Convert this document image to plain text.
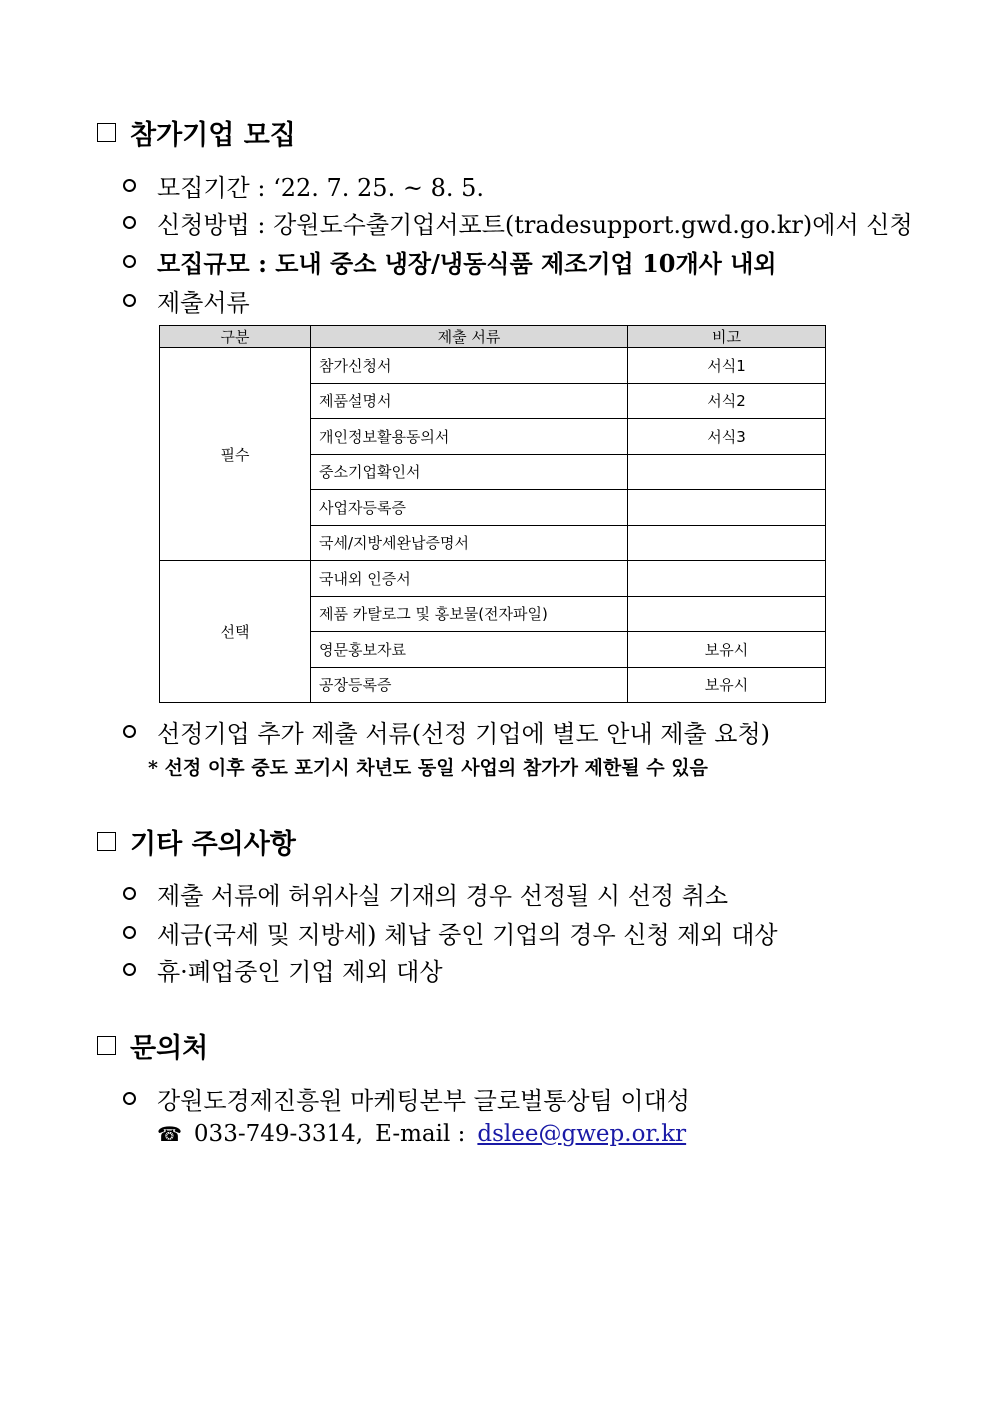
참가기업 모집
모집기간 : ‘22. 7. 25. ~ 8. 5.
신청방법 : 강원도수출기업서포트(tradesupport.gwd.go.kr)에서 신청
모집규모 : 도내 중소 냉장/냉동식품 제조기업 10개사 내외
제출서류
구분	제출 서류	비고
필수	참가신청서	서식1
	제품설명서	서식2
	개인정보활용동의서	서식3
	중소기업확인서	
	사업자등록증	
	국세/지방세완납증명서	
선택	국내외 인증서	
	제품 카탈로그 및 홍보물(전자파일)	
	영문홍보자료	보유시
	공장등록증	보유시
선정기업 추가 제출 서류(선정 기업에 별도 안내 제출 요청)
* 선정 이후 중도 포기시 차년도 동일 사업의 참가가 제한될 수 있음
기타 주의사항
제출 서류에 허위사실 기재의 경우 선정될 시 선정 취소
세금(국세 및 지방세) 체납 중인 기업의 경우 신청 제외 대상
휴·폐업중인 기업 제외 대상
문의처
강원도경제진흥원 마케팅본부 글로벌통상팀 이대성
☎ 033-749-3314, E-mail : dslee@gwep.or.kr
